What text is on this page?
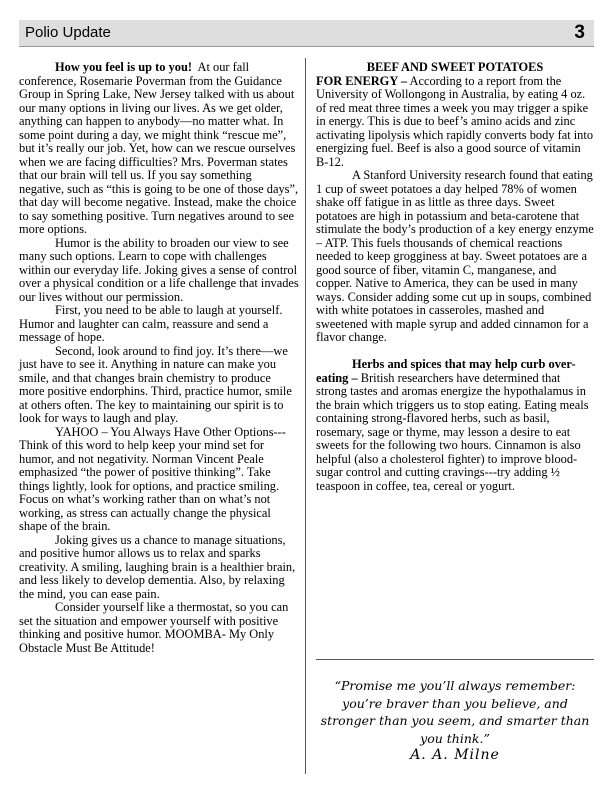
Polio Update	3

How you feel is up to you! At our fall conference, Rosemarie Poverman from the Guidance Group in Spring Lake, New Jersey talked with us about our many options in living our lives. As we get older, anything can happen to anybody—no matter what. In some point during a day, we might think “rescue me”, but it’s really our job. Yet, how can we rescue ourselves when we are facing difficulties? Mrs. Poverman states that our brain will tell us. If you say something negative, such as “this is going to be one of those days”, that day will become negative. Instead, make the choice to say something positive. Turn negatives around to see more options.

Humor is the ability to broaden our view to see many such options. Learn to cope with challenges within our everyday life. Joking gives a sense of control over a physical condition or a life challenge that invades our lives without our permission.

First, you need to be able to laugh at yourself. Humor and laughter can calm, reassure and send a message of hope.

Second, look around to find joy. It’s there—we just have to see it. Anything in nature can make you smile, and that changes brain chemistry to produce more positive endorphins. Third, practice humor, smile at others often. The key to maintaining our spirit is to look for ways to laugh and play.

YAHOO – You Always Have Other Options---Think of this word to help keep your mind set for humor, and not negativity. Norman Vincent Peale emphasized “the power of positive thinking”. Take things lightly, look for options, and practice smiling. Focus on what’s working rather than on what’s not working, as stress can actually change the physical shape of the brain.

Joking gives us a chance to manage situations, and positive humor allows us to relax and sparks creativity. A smiling, laughing brain is a healthier brain, and less likely to develop dementia. Also, by relaxing the mind, you can ease pain.

Consider yourself like a thermostat, so you can set the situation and empower yourself with positive thinking and positive humor. MOOMBA- My Only Obstacle Must Be Attitude!

BEEF AND SWEET POTATOES

FOR ENERGY – According to a report from the University of Wollongong in Australia, by eating 4 oz. of red meat three times a week you may trigger a spike in energy. This is due to beef’s amino acids and zinc activating lipolysis which rapidly converts body fat into energizing fuel. Beef is also a good source of vitamin B-12.

A Stanford University research found that eating 1 cup of sweet potatoes a day helped 78% of women shake off fatigue in as little as three days. Sweet potatoes are high in potassium and beta-carotene that stimulate the body’s production of a key energy enzyme – ATP. This fuels thousands of chemical reactions needed to keep grogginess at bay. Sweet potatoes are a good source of fiber, vitamin C, manganese, and copper. Native to America, they can be used in many ways. Consider adding some cut up in soups, combined with white potatoes in casseroles, mashed and sweetened with maple syrup and added cinnamon for a flavor change.

Herbs and spices that may help curb over-eating – British researchers have determined that strong tastes and aromas energize the hypothalamus in the brain which triggers us to stop eating. Eating meals containing strong-flavored herbs, such as basil, rosemary, sage or thyme, may lesson a desire to eat sweets for the following two hours. Cinnamon is also helpful (also a cholesterol fighter) to improve blood-sugar control and cutting cravings---try adding ½ teaspoon in coffee, tea, cereal or yogurt.

“Promise me you’ll always remember: you’re braver than you believe, and stronger than you seem, and smarter than you think.”
A. A. Milne
